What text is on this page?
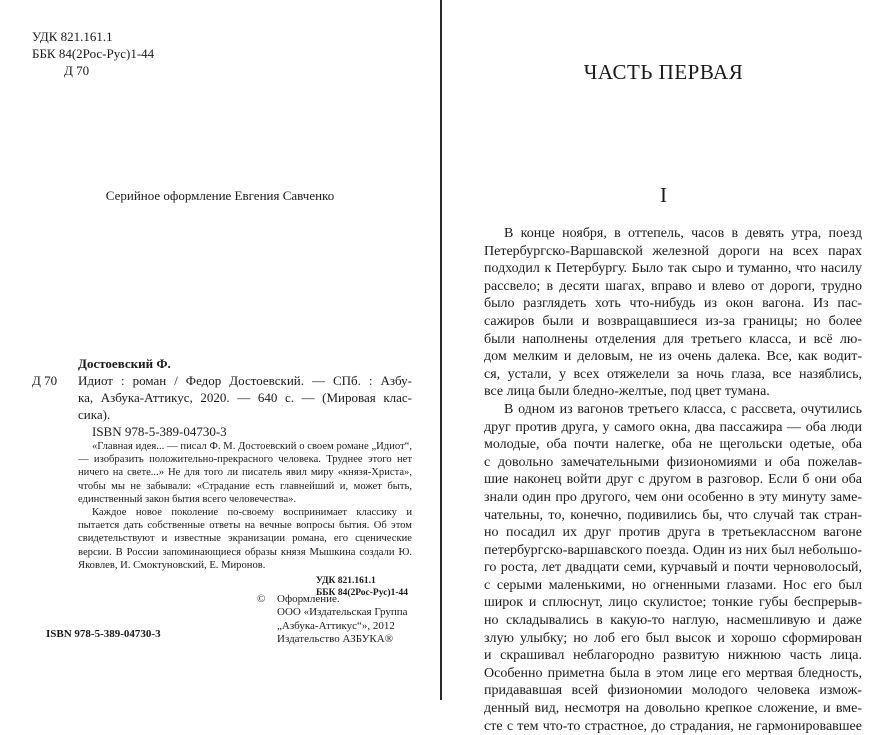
УДК 821.161.1
ББК 84(2Рос-Рус)1-44
Д 70
Серийное оформление Евгения Савченко
Достоевский Ф.
Д 70 Идиот : роман / Федор Достоевский. — СПб. : Азбу-
ка, Азбука-Аттикус, 2020. — 640 с. — (Мировая клас-
сика).
ISBN 978-5-389-04730-3

«Главная идея... — писал Ф. М. Достоевский о своем романе „Идиот“, — изобразить положительно-прекрасного человека. Труднее этого нет ничего на свете...» Не для того ли писатель явил миру «князя-Христа», чтобы мы не забывали: «Страдание есть главнейший и, может быть, единственный закон бытия всего человечества».

Каждое новое поколение по-своему воспринимает классику и пытается дать собственные ответы на вечные вопросы бытия. Об этом свидетельствуют и известные экранизации романа, его сценические версии. В России запоминающиеся образы князя Мышкина создали Ю. Яковлев, И. Смоктуновский, Е. Миронов.

УДК 821.161.1
ББК 84(2Рос-Рус)1-44
© Оформление.
ООО «Издательская Группа
„Азбука-Аттикус“», 2012
Издательство АЗБУКА®
ISBN 978-5-389-04730-3
ЧАСТЬ ПЕРВАЯ
I
В конце ноября, в оттепель, часов в девять утра, поезд
Петербургско-Варшавской железной дороги на всех парах
подходил к Петербургу. Было так сыро и туманно, что насилу
рассвело; в десяти шагах, вправо и влево от дороги, трудно
было разглядеть хоть что-нибудь из окон вагона. Из пас-
сажиров были и возвращавшиеся из-за границы; но более
были наполнены отделения для третьего класса, и всё лю-
дом мелким и деловым, не из очень далека. Все, как водит-
ся, устали, у всех отяжелели за ночь глаза, все назяблись,
все лица были бледно-желтые, под цвет тумана.
В одном из вагонов третьего класса, с рассвета, очутились
друг против друга, у самого окна, два пассажира — оба люди
молодые, оба почти налегке, оба не щегольски одетые, оба
с довольно замечательными физиономиями и оба пожелав-
шие наконец войти друг с другом в разговор. Если б они оба
знали один про другого, чем они особенно в эту минуту заме-
чательны, то, конечно, подивились бы, что случай так стран-
но посадил их друг против друга в третьеклассном вагоне
петербургско-варшавского поезда. Один из них был небольшо-
го роста, лет двадцати семи, курчавый и почти черноволосый,
с серыми маленькими, но огненными глазами. Нос его был
широк и сплюснут, лицо скулистое; тонкие губы беспрерыв-
но складывались в какую-то наглую, насмешливую и даже
злую улыбку; но лоб его был высок и хорошо сформирован
и скрашивал неблагородно развитую нижнюю часть лица.
Особенно приметна была в этом лице его мертвая бледность,
придававшая всей физиономии молодого человека измож-
денный вид, несмотря на довольно крепкое сложение, и вме-
сте с тем что-то страстное, до страдания, не гармонировавшее
